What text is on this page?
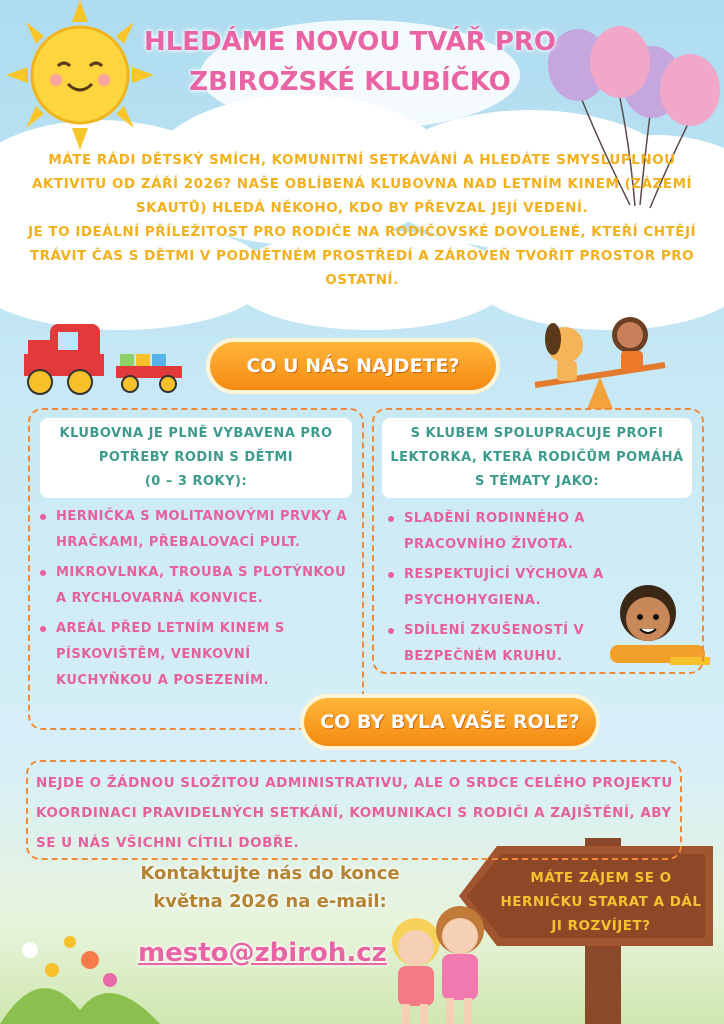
HLEDÁME NOVOU TVÁŘ PRO ZBIROŽSKÉ KLUBÍČKO

MÁTE RÁDI DĚTSKÝ SMÍCH, KOMUNITNÍ SETKÁVÁNÍ A HLEDÁTE SMYSLUPLNOU AKTIVITU OD ZÁŘÍ 2026? NAŠE OBLÍBENÁ KLUBOVNA NAD LETNÍM KINEM (ZÁZEMÍ SKAUTŮ) HLEDÁ NĚKOHO, KDO BY PŘEVZAL JEJÍ VEDENÍ.

JE TO IDEÁLNÍ PŘÍLEŽITOST PRO RODIČE NA RODIČOVSKÉ DOVOLENÉ, KTEŘÍ CHTĚJÍ TRÁVIT ČAS S DĚTMI V PODNĚTNÉM PROSTŘEDÍ A ZÁROVEŇ TVOŘIT PROSTOR PRO OSTATNÍ.

CO U NÁS NAJDETE?
KLUBOVNA JE PLNĚ VYBAVENA PRO
POTŘEBY RODIN S DĚTMI
(0 – 3 ROKY):
HERNIČKA S MOLITANOVÝMI PRVKY A HRAČKAMI, PŘEBALOVACÍ PULT.
MIKROVLNKA, TROUBA S PLOTÝNKOU A RYCHLOVARNÁ KONVICE.
AREÁL PŘED LETNÍM KINEM S PÍSKOVIŠTĚM, VENKOVNÍ KUCHYŇKOU A POSEZENÍM.
S KLUBEM SPOLUPRACUJE PROFI LEKTORKA, KTERÁ RODIČŮM POMÁHÁ S TÉMATY JAKO:
SLADĚNÍ RODINNÉHO A PRACOVNÍHO ŽIVOTA.
RESPEKTUJÍCÍ VÝCHOVA A PSYCHOHYGIENA.
SDÍLENÍ ZKUŠENOSTÍ V BEZPEČNÉM KRUHU.
CO BY BYLA VAŠE ROLE?
NEJDE O ŽÁDNOU SLOŽITOU ADMINISTRATIVU, ALE O SRDCE CELÉHO PROJEKTU KOORDINACI PRAVIDELNÝCH SETKÁNÍ, KOMUNIKACI S RODIČI A ZAJIŠTĚNÍ, ABY SE U NÁS VŠICHNI CÍTILI DOBŘE.
Kontaktujte nás do konce
května 2026 na e-mail:
mesto@zbiroh.cz
MÁTE ZÁJEM SE O HERNIČKU STARAT A DÁL JI ROZVÍJET?
